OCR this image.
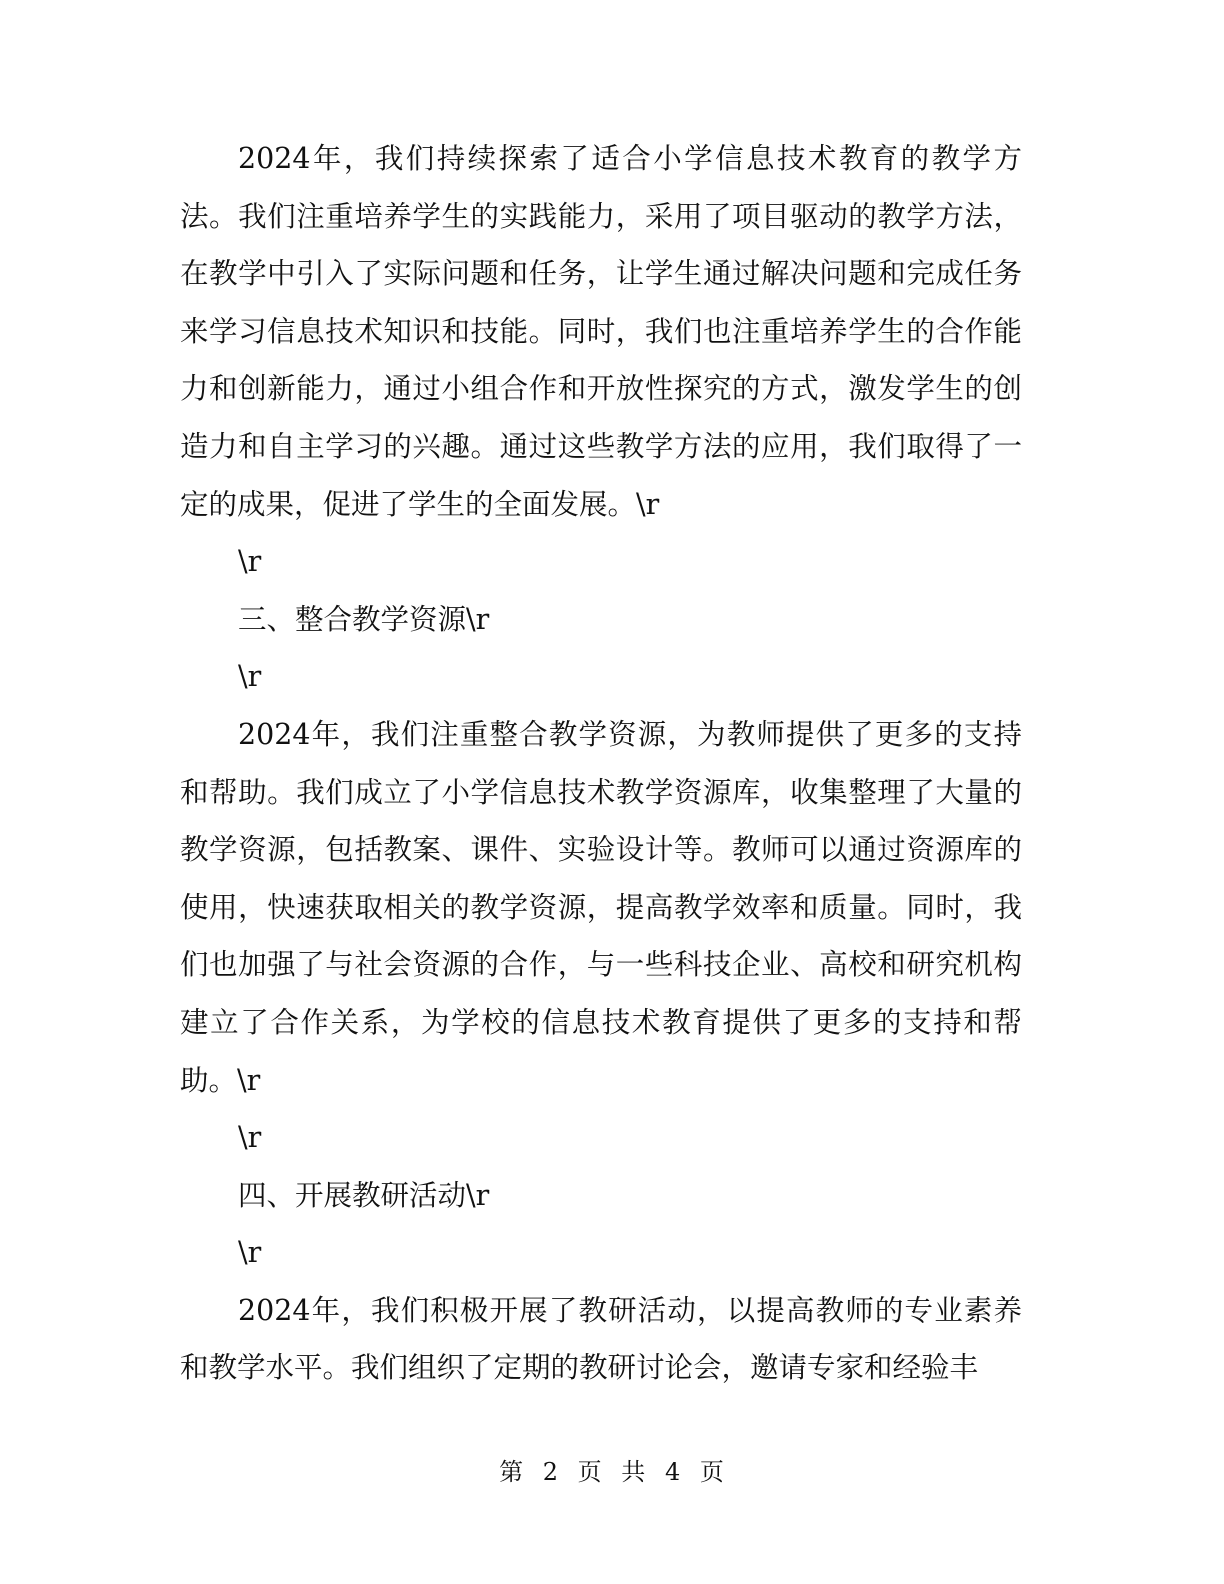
2024年，我们持续探索了适合小学信息技术教育的教学方法。我们注重培养学生的实践能力，采用了项目驱动的教学方法，在教学中引入了实际问题和任务，让学生通过解决问题和完成任务来学习信息技术知识和技能。同时，我们也注重培养学生的合作能力和创新能力，通过小组合作和开放性探究的方式，激发学生的创造力和自主学习的兴趣。通过这些教学方法的应用，我们取得了一定的成果，促进了学生的全面发展。\r

\r

三、整合教学资源\r

\r

2024年，我们注重整合教学资源，为教师提供了更多的支持和帮助。我们成立了小学信息技术教学资源库，收集整理了大量的教学资源，包括教案、课件、实验设计等。教师可以通过资源库的使用，快速获取相关的教学资源，提高教学效率和质量。同时，我们也加强了与社会资源的合作，与一些科技企业、高校和研究机构建立了合作关系，为学校的信息技术教育提供了更多的支持和帮助。\r

\r

四、开展教研活动\r

\r

2024年，我们积极开展了教研活动，以提高教师的专业素养和教学水平。我们组织了定期的教研讨论会，邀请专家和经验丰

第 2 页 共 4 页
